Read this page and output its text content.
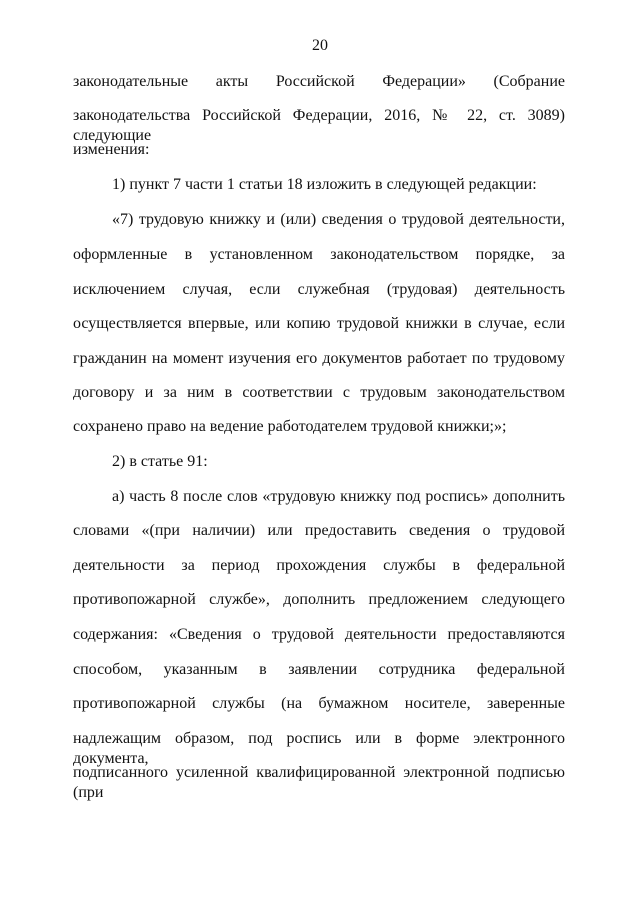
20
законодательные акты Российской Федерации» (Собрание
законодательства Российской Федерации, 2016, № 22, ст. 3089) следующие
изменения:
1) пункт 7 части 1 статьи 18 изложить в следующей редакции:
«7) трудовую книжку и (или) сведения о трудовой деятельности,
оформленные в установленном законодательством порядке, за
исключением случая, если служебная (трудовая) деятельность
осуществляется впервые, или копию трудовой книжки в случае, если
гражданин на момент изучения его документов работает по трудовому
договору и за ним в соответствии с трудовым законодательством
сохранено право на ведение работодателем трудовой книжки;»;
2) в статье 91:
а) часть 8 после слов «трудовую книжку под роспись» дополнить
словами «(при наличии) или предоставить сведения о трудовой
деятельности за период прохождения службы в федеральной
противопожарной службе», дополнить предложением следующего
содержания: «Сведения о трудовой деятельности предоставляются
способом, указанным в заявлении сотрудника федеральной
противопожарной службы (на бумажном носителе, заверенные
надлежащим образом, под роспись или в форме электронного документа,
подписанного усиленной квалифицированной электронной подписью (при
